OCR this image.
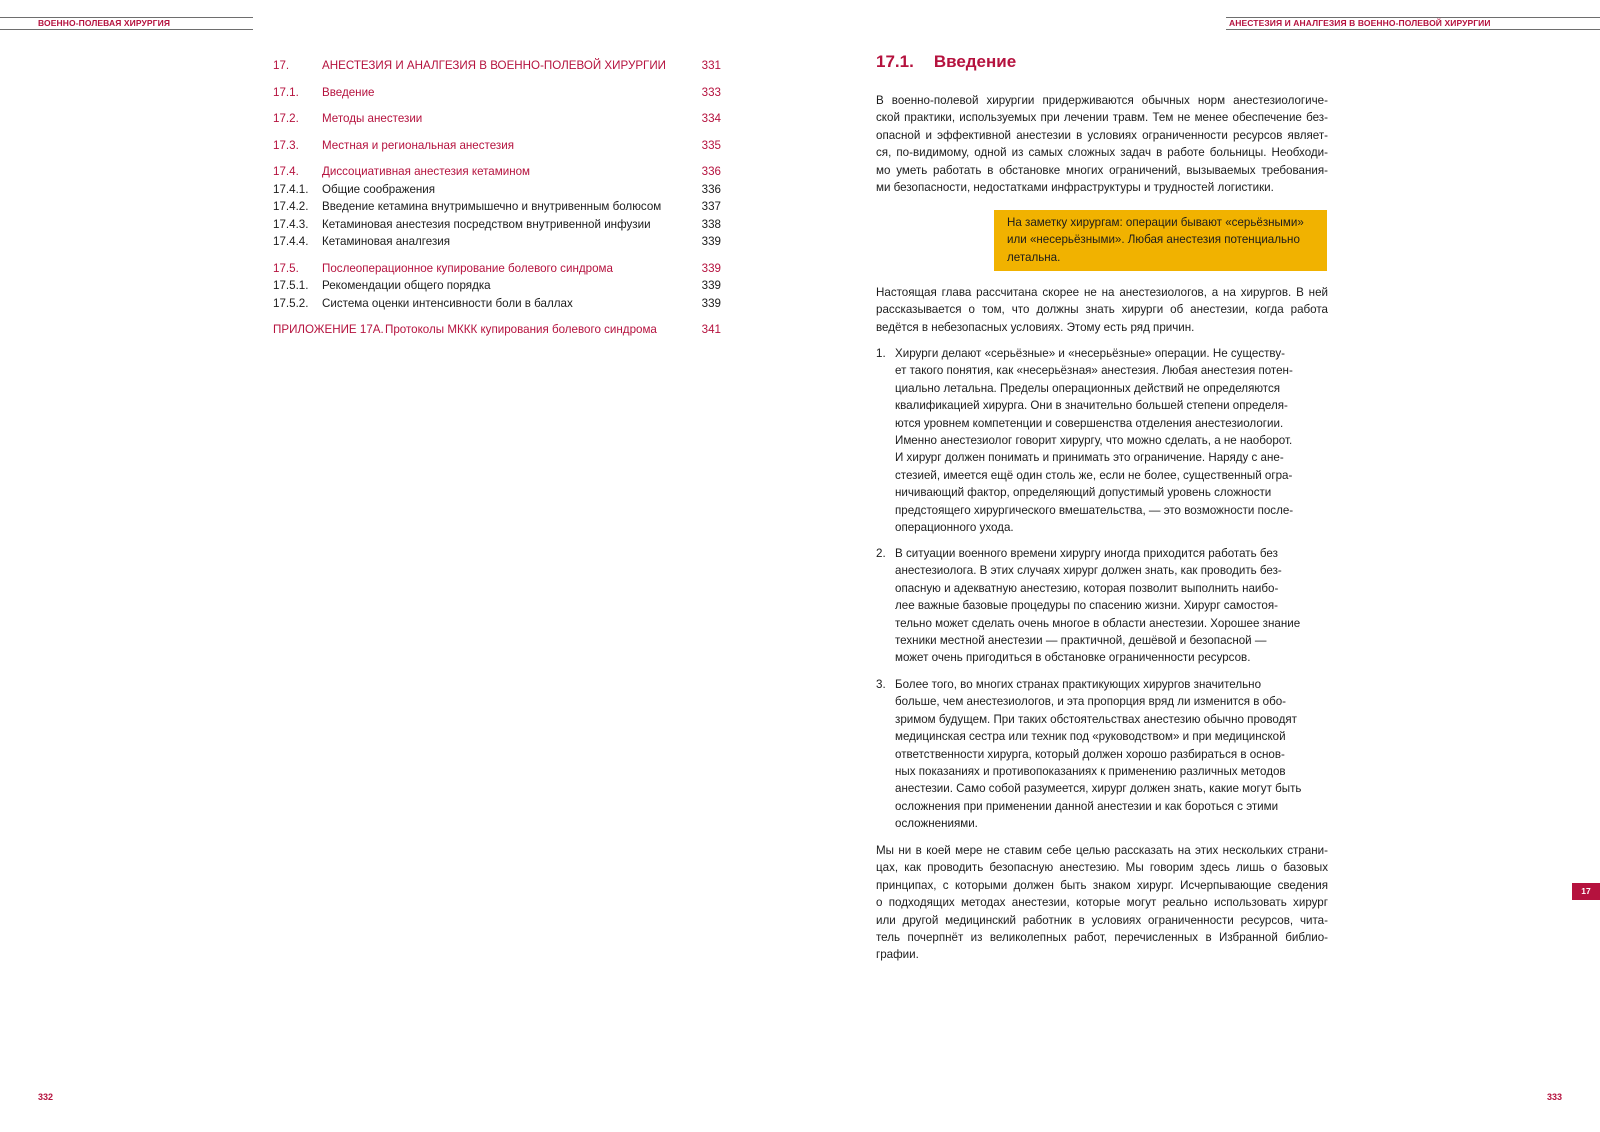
ВОЕННО-ПОЛЕВАЯ ХИРУРГИЯ
17.	АНЕСТЕЗИЯ И АНАЛГЕЗИЯ В ВОЕННО-ПОЛЕВОЙ ХИРУРГИИ	331
17.1. Введение	333
17.2. Методы анестезии	334
17.3. Местная и региональная анестезия	335
17.4. Диссоциативная анестезия кетамином	336
17.4.1. Общие соображения	336
17.4.2. Введение кетамина внутримышечно и внутривенным болюсом	337
17.4.3. Кетаминовая анестезия посредством внутривенной инфузии	338
17.4.4. Кетаминовая аналгезия	339
17.5. Послеоперационное купирование болевого синдрома	339
17.5.1. Рекомендации общего порядка	339
17.5.2. Система оценки интенсивности боли в баллах	339
ПРИЛОЖЕНИЕ 17А. Протоколы МККК купирования болевого синдрома	341
332
АНЕСТЕЗИЯ И АНАЛГЕЗИЯ В ВОЕННО-ПОЛЕВОЙ ХИРУРГИИ
17.1. Введение
В военно-полевой хирургии придерживаются обычных норм анестезиологиче-
ской практики, используемых при лечении травм. Тем не менее обеспечение без-
опасной и эффективной анестезии в условиях ограниченности ресурсов являет-
ся, по-видимому, одной из самых сложных задач в работе больницы. Необходи-
мо уметь работать в обстановке многих ограничений, вызываемых требования-
ми безопасности, недостатками инфраструктуры и трудностей логистики.
На заметку хирургам: операции бывают «серьёзными»
или «несерьёзными». Любая анестезия потенциально
летальна.
Настоящая глава рассчитана скорее не на анестезиологов, а на хирургов. В ней
рассказывается о том, что должны знать хирурги об анестезии, когда работа
ведётся в небезопасных условиях. Этому есть ряд причин.
1. Хирурги делают «серьёзные» и «несерьёзные» операции. Не существу-
ет такого понятия, как «несерьёзная» анестезия. Любая анестезия потен-
циально летальна. Пределы операционных действий не определяются
квалификацией хирурга. Они в значительно большей степени определя-
ются уровнем компетенции и совершенства отделения анестезиологии.
Именно анестезиолог говорит хирургу, что можно сделать, а не наоборот.
И хирург должен понимать и принимать это ограничение. Наряду с ане-
стезией, имеется ещё один столь же, если не более, существенный огра-
ничивающий фактор, определяющий допустимый уровень сложности
предстоящего хирургического вмешательства, — это возможности после-
операционного ухода.
2. В ситуации военного времени хирургу иногда приходится работать без
анестезиолога. В этих случаях хирург должен знать, как проводить без-
опасную и адекватную анестезию, которая позволит выполнить наибо-
лее важные базовые процедуры по спасению жизни. Хирург самостоя-
тельно может сделать очень многое в области анестезии. Хорошее знание
техники местной анестезии — практичной, дешёвой и безопасной —
может очень пригодиться в обстановке ограниченности ресурсов.
3. Более того, во многих странах практикующих хирургов значительно
больше, чем анестезиологов, и эта пропорция вряд ли изменится в обо-
зримом будущем. При таких обстоятельствах анестезию обычно проводят
медицинская сестра или техник под «руководством» и при медицинской
ответственности хирурга, который должен хорошо разбираться в основ-
ных показаниях и противопоказаниях к применению различных методов
анестезии. Само собой разумеется, хирург должен знать, какие могут быть
осложнения при применении данной анестезии и как бороться с этими
осложнениями.
Мы ни в коей мере не ставим себе целью рассказать на этих нескольких страни-
цах, как проводить безопасную анестезию. Мы говорим здесь лишь о базовых
принципах, с которыми должен быть знаком хирург. Исчерпывающие сведения
о подходящих методах анестезии, которые могут реально использовать хирург
или другой медицинский работник в условиях ограниченности ресурсов, чита-
тель почерпнёт из великолепных работ, перечисленных в Избранной библио-
графии.
17
333
